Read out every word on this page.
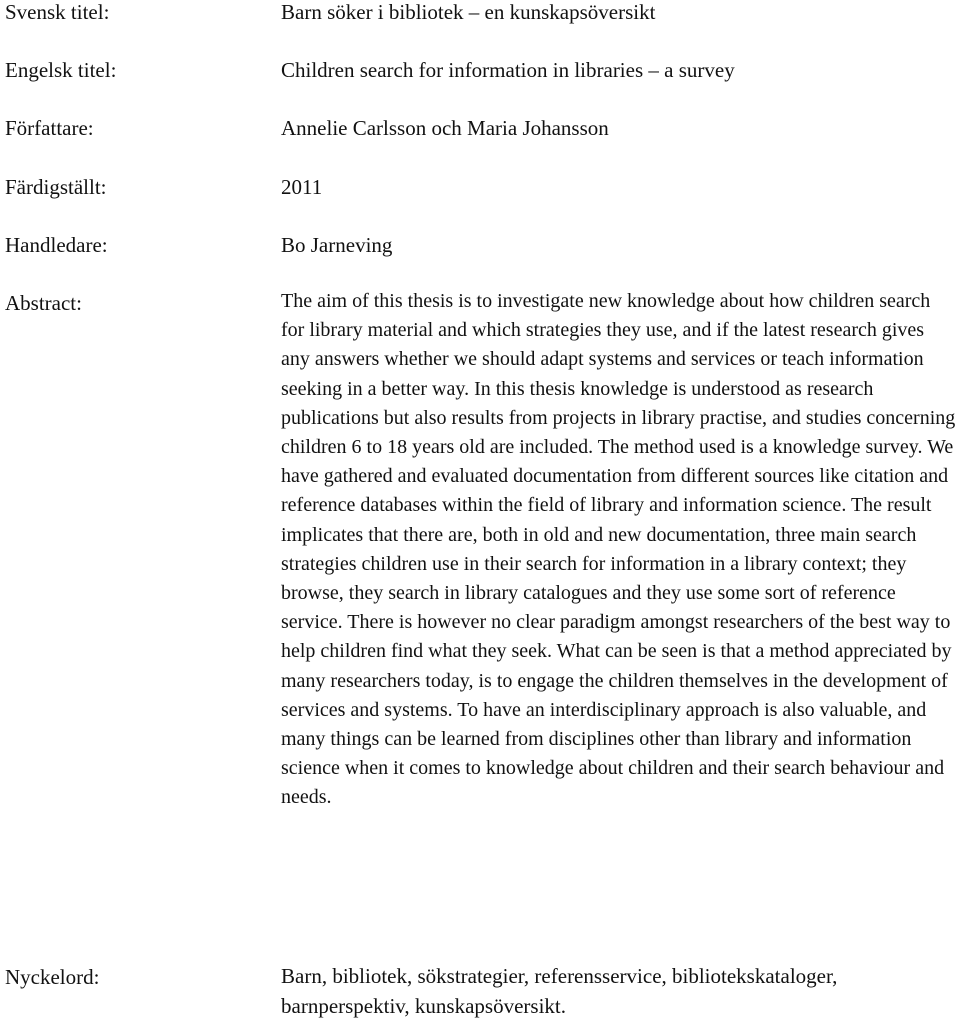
Svensk titel:	Barn söker i bibliotek – en kunskapsöversikt
Engelsk titel:	Children search for information in libraries – a survey
Författare:	Annelie Carlsson och Maria Johansson
Färdigställt:	2011
Handledare:	Bo Jarneving
Abstract:	The aim of this thesis is to investigate new knowledge about how children search for library material and which strategies they use, and if the latest research gives any answers whether we should adapt systems and services or teach information seeking in a better way. In this thesis knowledge is understood as research publications but also results from projects in library practise, and studies concerning children 6 to 18 years old are included. The method used is a knowledge survey. We have gathered and evaluated documentation from different sources like citation and reference databases within the field of library and information science. The result implicates that there are, both in old and new documentation, three main search strategies children use in their search for information in a library context; they browse, they search in library catalogues and they use some sort of reference service. There is however no clear paradigm amongst researchers of the best way to help children find what they seek. What can be seen is that a method appreciated by many researchers today, is to engage the children themselves in the development of services and systems. To have an interdisciplinary approach is also valuable, and many things can be learned from disciplines other than library and information science when it comes to knowledge about children and their search behaviour and needs.

Nyckelord:	Barn, bibliotek, sökstrategier, referensservice, bibliotekskataloger, barnperspektiv, kunskapsöversikt.
